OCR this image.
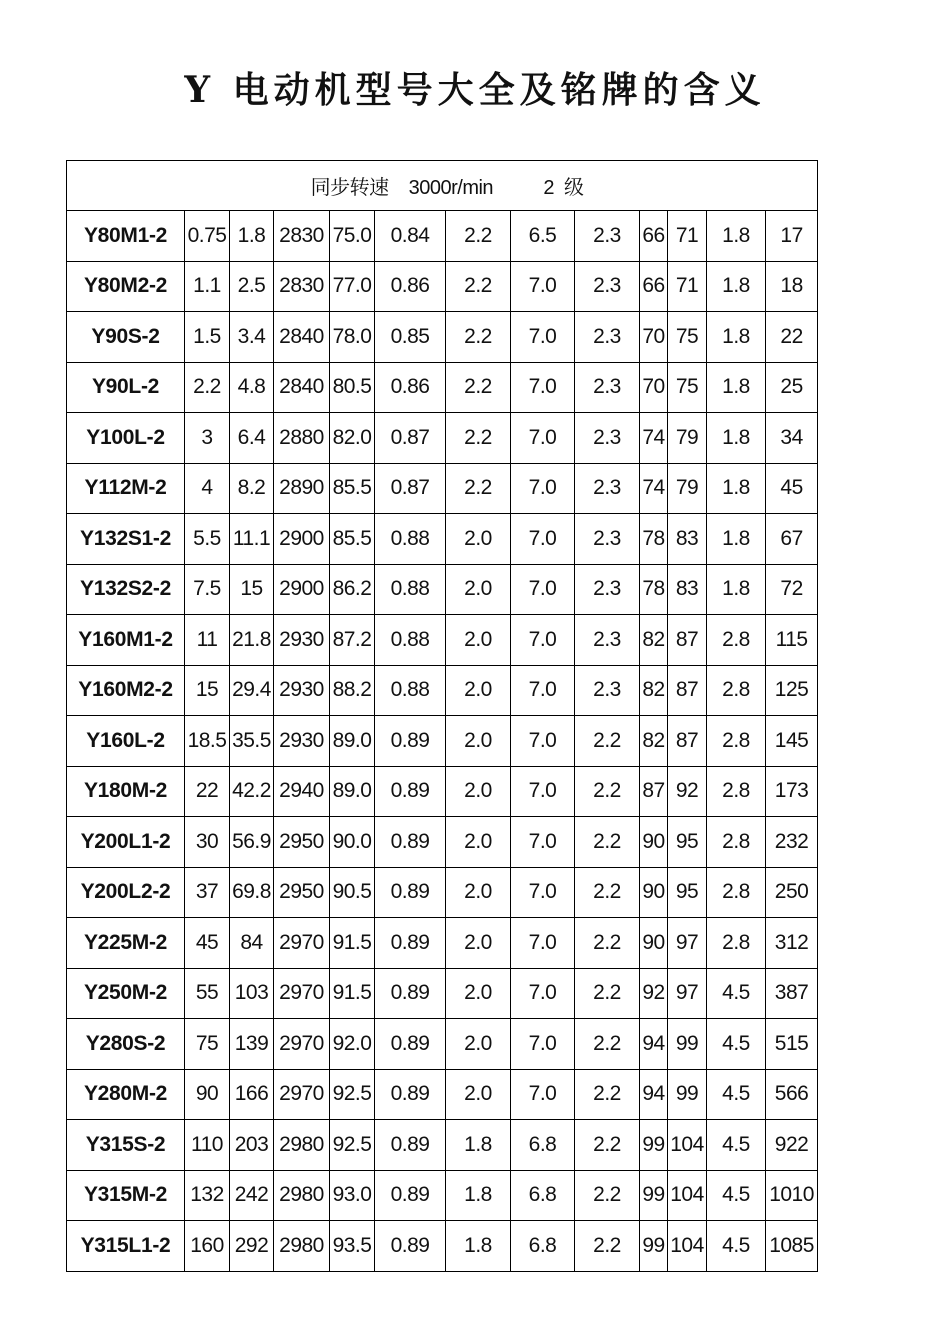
Y 电动机型号大全及铭牌的含义
同步转速 3000r/min 2 级												
Y80M1-2	0.75	1.8	2830	75.0	0.84	2.2	6.5	2.3	66	71	1.8	17
Y80M2-2	1.1	2.5	2830	77.0	0.86	2.2	7.0	2.3	66	71	1.8	18
Y90S-2	1.5	3.4	2840	78.0	0.85	2.2	7.0	2.3	70	75	1.8	22
Y90L-2	2.2	4.8	2840	80.5	0.86	2.2	7.0	2.3	70	75	1.8	25
Y100L-2	3	6.4	2880	82.0	0.87	2.2	7.0	2.3	74	79	1.8	34
Y112M-2	4	8.2	2890	85.5	0.87	2.2	7.0	2.3	74	79	1.8	45
Y132S1-2	5.5	11.1	2900	85.5	0.88	2.0	7.0	2.3	78	83	1.8	67
Y132S2-2	7.5	15	2900	86.2	0.88	2.0	7.0	2.3	78	83	1.8	72
Y160M1-2	11	21.8	2930	87.2	0.88	2.0	7.0	2.3	82	87	2.8	115
Y160M2-2	15	29.4	2930	88.2	0.88	2.0	7.0	2.3	82	87	2.8	125
Y160L-2	18.5	35.5	2930	89.0	0.89	2.0	7.0	2.2	82	87	2.8	145
Y180M-2	22	42.2	2940	89.0	0.89	2.0	7.0	2.2	87	92	2.8	173
Y200L1-2	30	56.9	2950	90.0	0.89	2.0	7.0	2.2	90	95	2.8	232
Y200L2-2	37	69.8	2950	90.5	0.89	2.0	7.0	2.2	90	95	2.8	250
Y225M-2	45	84	2970	91.5	0.89	2.0	7.0	2.2	90	97	2.8	312
Y250M-2	55	103	2970	91.5	0.89	2.0	7.0	2.2	92	97	4.5	387
Y280S-2	75	139	2970	92.0	0.89	2.0	7.0	2.2	94	99	4.5	515
Y280M-2	90	166	2970	92.5	0.89	2.0	7.0	2.2	94	99	4.5	566
Y315S-2	110	203	2980	92.5	0.89	1.8	6.8	2.2	99	104	4.5	922
Y315M-2	132	242	2980	93.0	0.89	1.8	6.8	2.2	99	104	4.5	1010
Y315L1-2	160	292	2980	93.5	0.89	1.8	6.8	2.2	99	104	4.5	1085
